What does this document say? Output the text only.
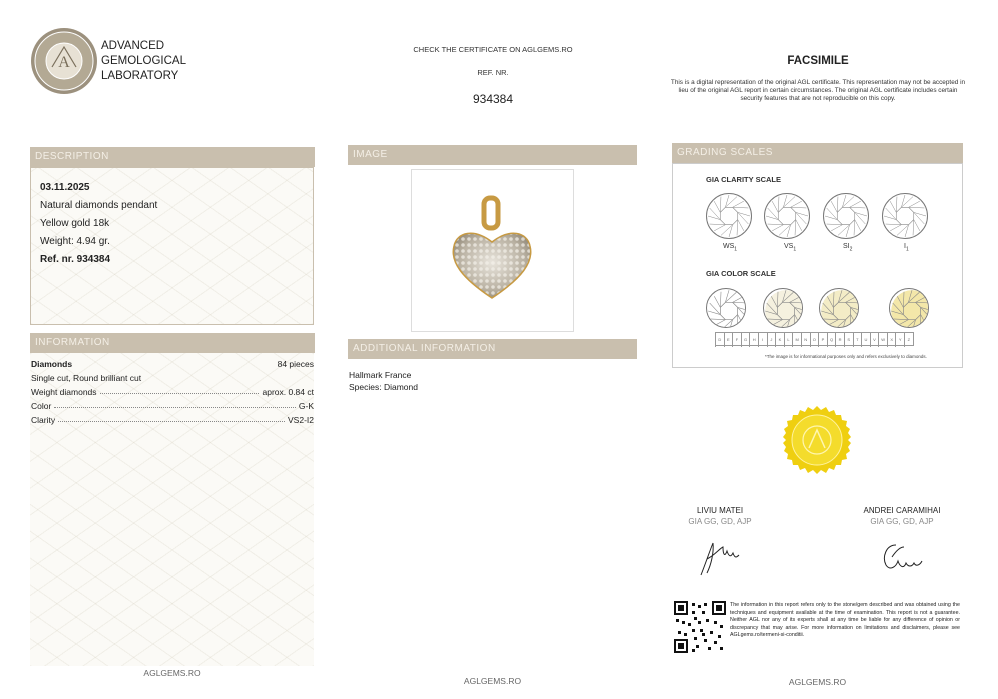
A
ADVANCED
GEMOLOGICAL
LABORATORY
CHECK THE CERTIFICATE ON AGLGEMS.RO
REF. NR.
934384
FACSIMILE
This is a digital representation of the original AGL certificate. This representation may not be accepted in lieu of the original AGL report in certain circumstances. The original AGL certificate includes certain security features that are not reproducible on this copy.
DESCRIPTION
03.11.2025
Natural diamonds pendant
Yellow gold 18k
Weight: 4.94 gr.
Ref. nr. 934384
INFORMATION
Diamonds	84 pieces
Single cut, Round brilliant cut
Weight diamonds	aprox. 0.84 ct
Color	G-K
Clarity	VS2-I2
AGLGEMS.RO
IMAGE
ADDITIONAL INFORMATION
Hallmark France
Species: Diamond
AGLGEMS.RO
GRADING SCALES
GIA CLARITY SCALE
$WS_1$	$VS_1$	$SI_2$	$I_1$
GIA COLOR SCALE
D	E	F	G	H	I	J	K	L	M	N	O	P	Q	R	S	T	U	V	W	X	Y	Z
*The image is for informational purposes only and refers exclusively to diamonds.
LIVIU MATEI
GIA GG, GD, AJP
ANDREI CARAMIHAI
GIA GG, GD, AJP
The information in this report refers only to the stone/gem described and was obtained using the techniques and equipment available at the time of examination. This report is not a guarantee. Neither AGL nor any of its experts shall at any time be liable for any difference of opinion or discrepancy that may arise. For more information on limitations and disclaimers, please see AGLgems.ro/termeni-si-conditii.
AGLGEMS.RO
